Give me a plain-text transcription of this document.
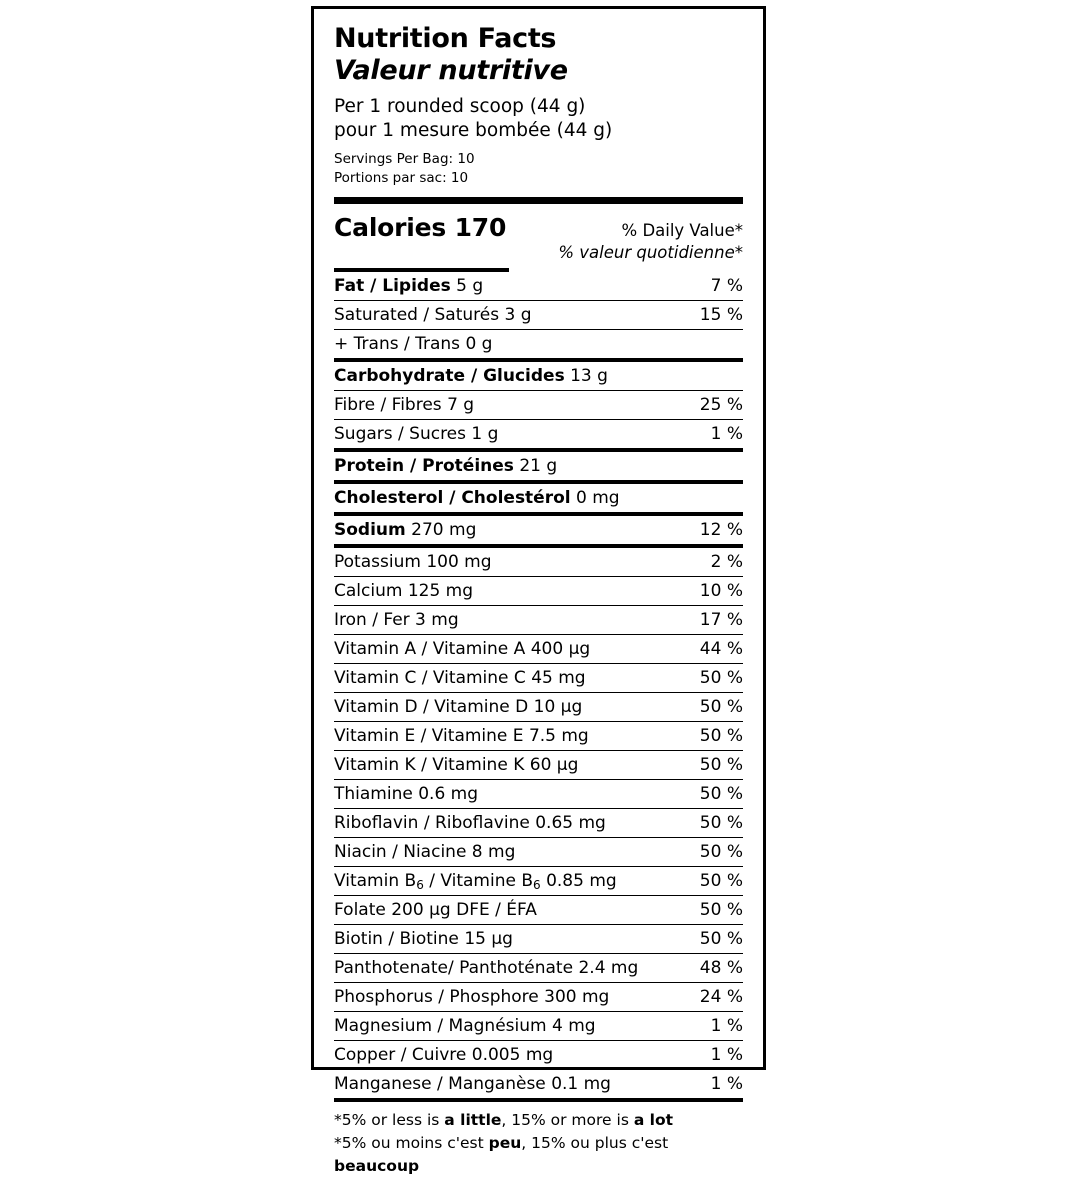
Nutrition Facts
Valeur nutritive
Per 1 rounded scoop (44 g)
pour 1 mesure bombée (44 g)
Servings Per Bag: 10
Portions par sac: 10
Calories 170	% Daily Value*
% valeur quotidienne*
Fat / Lipides 5 g	7 %
Saturated / Saturés 3 g	15 %
+ Trans / Trans 0 g	
Carbohydrate / Glucides 13 g	
Fibre / Fibres 7 g	25 %
Sugars / Sucres 1 g	1 %
Protein / Protéines 21 g	
Cholesterol / Cholestérol 0 mg	
Sodium 270 mg	12 %
Potassium 100 mg	2 %
Calcium 125 mg	10 %
Iron / Fer 3 mg	17 %
Vitamin A / Vitamine A 400 µg	44 %
Vitamin C / Vitamine C 45 mg	50 %
Vitamin D / Vitamine D 10 µg	50 %
Vitamin E / Vitamine E 7.5 mg	50 %
Vitamin K / Vitamine K 60 µg	50 %
Thiamine 0.6 mg	50 %
Riboflavin / Riboflavine 0.65 mg	50 %
Niacin / Niacine 8 mg	50 %
Vitamin B6 / Vitamine B6 0.85 mg	50 %
Folate 200 µg DFE / ÉFA	50 %
Biotin / Biotine 15 µg	50 %
Panthotenate/ Panthoténate 2.4 mg	48 %
Phosphorus / Phosphore 300 mg	24 %
Magnesium / Magnésium 4 mg	1 %
Copper / Cuivre 0.005 mg	1 %
Manganese / Manganèse 0.1 mg	1 %
*5% or less is a little, 15% or more is a lot
*5% ou moins c'est peu, 15% ou plus c'est beaucoup
